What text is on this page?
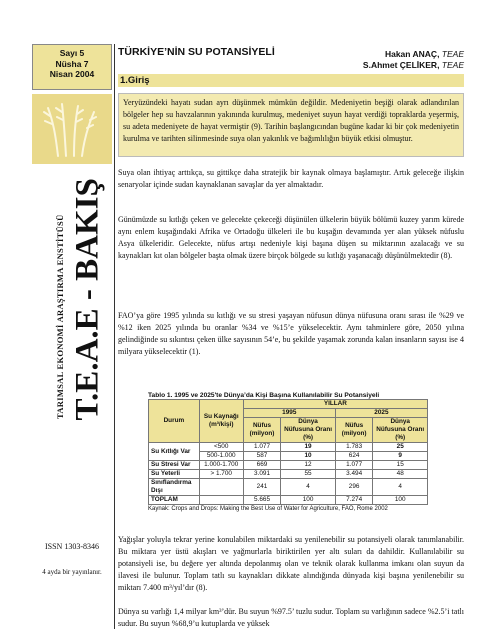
Sayı 5
Nüsha 7
Nisan 2004
TARIMSAL EKONOMİ ARAŞTIRMA ENSTİTÜSÜ T.E.A.E - BAKIŞ
ISSN 1303-8346
4 ayda bir yayınlanır.
TÜRKİYE’NİN SU POTANSİYELİ	Hakan ANAÇ, TEAE
S.Ahmet ÇELİKER, TEAE
1.Giriş
Yeryüzündeki hayatı sudan ayrı düşünmek mümkün değildir. Medeniyetin beşiği olarak adlandırılan bölgeler hep su havzalarının yakınında kurulmuş, medeniyet suyun hayat verdiği topraklarda yeşermiş, su adeta medeniyete de hayat vermiştir (9). Tarihin başlangıcından bugüne kadar ki bir çok medeniyetin kurulma ve tarihten silinmesinde suya olan yakınlık ve bağımlılığın büyük etkisi olmuştur.

Suya olan ihtiyaç arttıkça, su gittikçe daha stratejik bir kaynak olmaya başlamıştır. Artık geleceğe ilişkin senaryolar içinde sudan kaynaklanan savaşlar da yer almaktadır.

Günümüzde su kıtlığı çeken ve gelecekte çekeceği düşünülen ülkelerin büyük bölümü kuzey yarım kürede aynı enlem kuşağındaki Afrika ve Ortadoğu ülkeleri ile bu kuşağın devamında yer alan yüksek nüfuslu Asya ülkeleridir. Gelecekte, nüfus artışı nedeniyle kişi başına düşen su miktarının azalacağı ve su kaynakları kıt olan bölgeler başta olmak üzere birçok bölgede su kıtlığı yaşanacağı düşünülmektedir (8).

FAO’ya göre 1995 yılında su kıtlığı ve su stresi yaşayan nüfusun dünya nüfusuna oranı sırası ile %29 ve %12 iken 2025 yılında bu oranlar %34 ve %15’e yükselecektir. Aynı tahminlere göre, 2050 yılına gelindiğinde su sıkıntısı çeken ülke sayısının 54’e, bu şekilde yaşamak zorunda kalan insanların sayısı ise 4 milyara yükselecektir (1).

Tablo 1. 1995 ve 2025'te Dünya’da Kişi Başına Kullanılabilir Su Potansiyeli
Durum	Su Kaynağı (m³/kişi)	YILLAR			
		1995		2025	
		Nüfus (milyon)	Dünya Nüfusuna Oranı (%)	Nüfus (milyon)	Dünya Nüfusuna Oranı (%)
Su Kıtlığı Var	<500	1.077	19	1.783	25
	500-1.000	587	10	624	9
Su Stresi Var	1.000-1.700	669	12	1.077	15
Su Yeterli	> 1.700	3.091	55	3.494	48
Sınıflandırma Dışı		241	4	296	4
TOPLAM		5.665	100	7.274	100
Kaynak: Crops and Drops: Making the Best Use of Water for Agriculture, FAO, Rome 2002

Yağışlar yoluyla tekrar yerine konulabilen miktardaki su yenilenebilir su potansiyeli olarak tanımlanabilir. Bu miktara yer üstü akışları ve yağmurlarla biriktirilen yer altı suları da dahildir. Kullanılabilir su potansiyeli ise, bu değere yer altında depolanmış olan ve teknik olarak kullanma imkanı olan suyun da ilavesi ile bulunur. Toplam tatlı su kaynakları dikkate alındığında dünyada kişi başına yenilenebilir su miktarı 7.400 m³/yıl’dır (8).

Dünya su varlığı 1,4 milyar km³’dür. Bu suyun %97.5’ tuzlu sudur. Toplam su varlığının sadece %2.5’i tatlı sudur. Bu suyun %68,9’u kutuplarda ve yüksek
